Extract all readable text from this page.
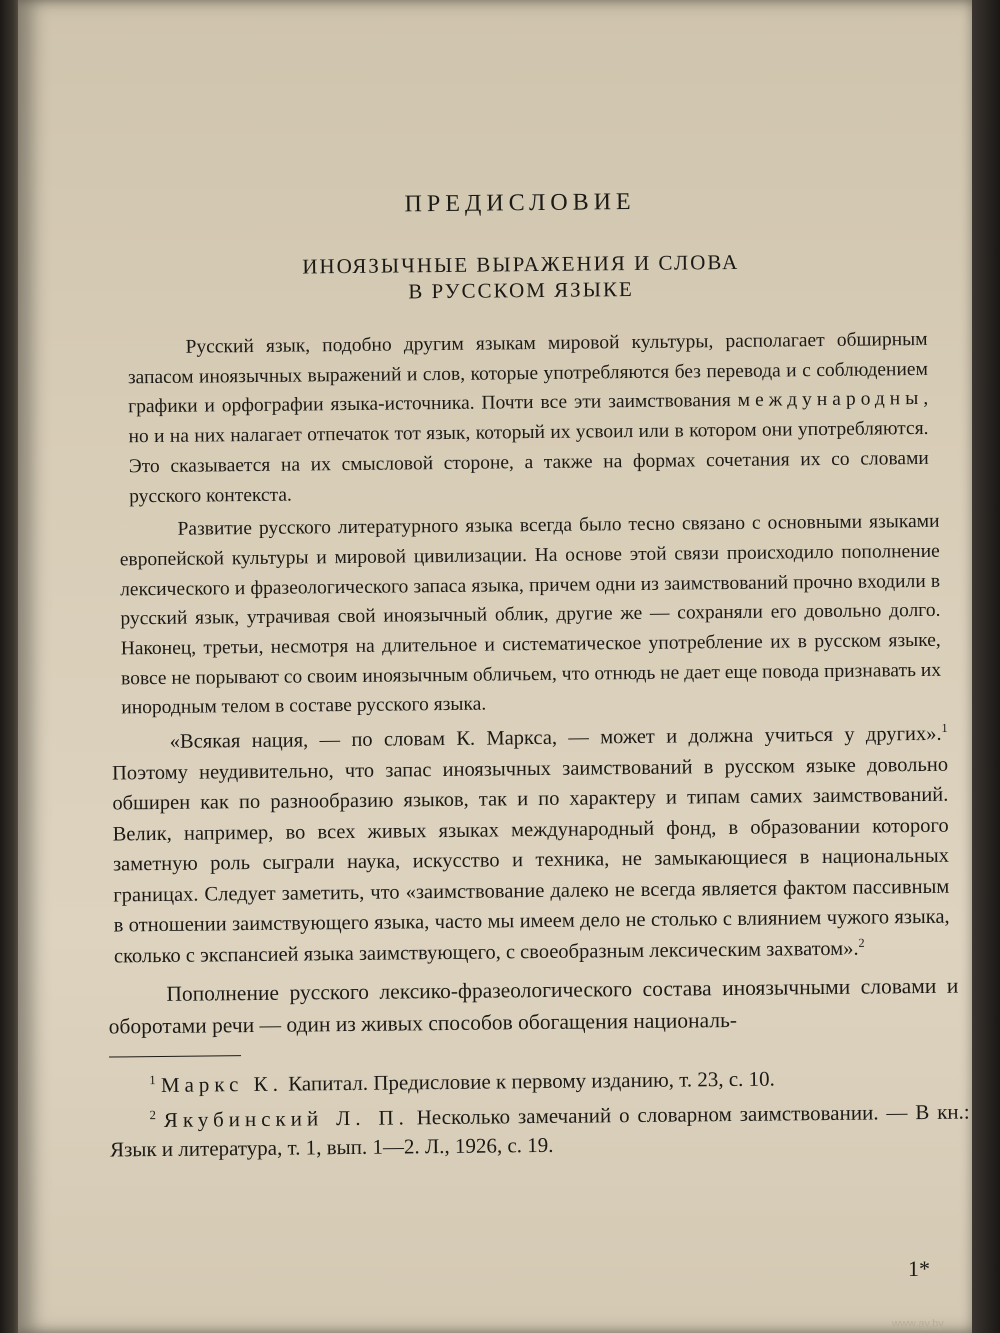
ПРЕДИСЛОВИЕ
ИНОЯЗЫЧНЫЕ ВЫРАЖЕНИЯ И СЛОВА
В РУССКОМ ЯЗЫКЕ

Русский язык, подобно другим языкам мировой культуры, располагает обширным запасом иноязычных выражений и слов, которые употребляются без перевода и с соблюдением графики и орфографии языка-источника. Почти все эти заимствования международны, но и на них налагает отпечаток тот язык, который их усвоил или в котором они употребляются. Это сказывается на их смысловой стороне, а также на формах сочетания их со словами русского контекста.

Развитие русского литературного языка всегда было тесно связано с основными языками европейской культуры и мировой цивилизации. На основе этой связи происходило пополнение лексического и фразеологического запаса языка, причем одни из заимствований прочно входили в русский язык, утрачивая свой иноязычный облик, другие же — сохраняли его довольно долго. Наконец, третьи, несмотря на длительное и систематическое употребление их в русском языке, вовсе не порывают со своим иноязычным обличьем, что отнюдь не дает еще повода признавать их инородным телом в составе русского языка.

«Всякая нация, — по словам К. Маркса, — может и должна учиться у других».$^1$ Поэтому неудивительно, что запас иноязычных заимствований в русском языке довольно обширен как по разнообразию языков, так и по характеру и типам самих заимствований. Велик, например, во всех живых языках международный фонд, в образовании которого заметную роль сыграли наука, искусство и техника, не замыкающиеся в национальных границах. Следует заметить, что «заимствование далеко не всегда является фактом пассивным в отношении заимствующего языка, часто мы имеем дело не столько с влиянием чужого языка, сколько с экспансией языка заимствующего, с своеобразным лексическим захватом».$^2$

Пополнение русского лексико-фразеологического состава иноязычными словами и оборотами речи — один из живых способов обогащения националь-

$^1$ Маркс К. Капитал. Предисловие к первому изданию, т. 23, с. 10.

$^2$ Якубинский Л. П. Несколько замечаний о словарном заимствовании. — В кн.: Язык и литература, т. 1, вып. 1—2. Л., 1926, с. 19.

1*
www.ay.by
